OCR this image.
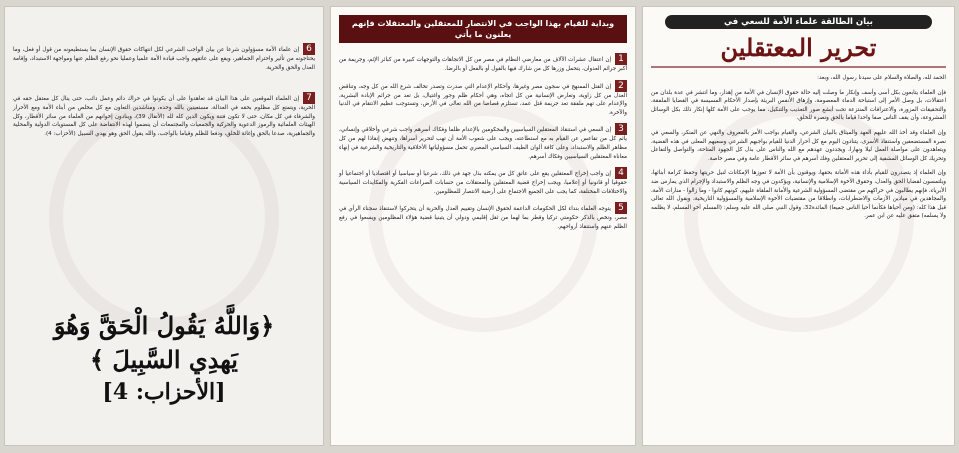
6إن علماء الأمة مسؤولون شرعا عن بيان الواجب الشرعي لكل انتهاكات حقوق الإنسان بما يستطيعونه من قول أو فعل، وما يحتاجونه من تأثير واحترام الجماهير، ويقع على عاتقهم واجب قيادة الأمة علميا وعمليا نحو رفع الظلم عنها ومواجهة الاستبداد، وإقامة العدل والحق والحرية.
7إن العلماء الموقعين على هذا البيان قد تعاهدوا على أن يكونوا في حراك دائم وعمل دائب، حتى ينال كل معتقل حقه في الحرية، ويتمتع كل مظلوم بحقه في العدالة، مستعينين بالله وحده، ومناشدين التعاون مع كل مخلص من أبناء الأمة ومع الأحرار والشرفاء في كل مكان، حتى لا تكون فتنة ويكون الدين كله لله (الأنفال 39)، وينادون إخوانهم من العلماء من سائر الأقطار، وكل الهيئات العلمائية والرموز الدعوية والحركية والجمعيات والمجتمعات أن ينضموا لهذه الانتفاضة على كل المستويات الدولية والمحلية والجماهيرية، صدعا بالحق وإغاثة للخلق، ودفعا للظلم وقياما بالواجب، والله يقول الحق وهو يهدي السبيل (الأحزاب: 4).
﴿وَاللَّهُ يَقُولُ الْحَقَّ وَهُوَ
يَهدِي السَّبِيلَ ﴾
[الأحزاب: 4]
وبداية للقيام بهذا الواجب في الانتصار للمعتقلين والمعتقلات فإنهم يعلنون ما يأتي
1إن اعتقال عشرات الآلاف من معارضي النظام في مصر من كل الاتجاهات والتوجهات كبيرة من كبائر الإثم، وجريمة من أكبر جرائم العدوان، يتحمل وزرها كل من شارك فيها بالقول أو بالفعل أو بالرضا.
2إن القتل الممنهج في سجون مصر وغيرها، وأحكام الإعدام التي صدرت وتصدر تخالف شرع الله من كل وجه، وتناقض العدل من كل زاوية، وتعارض الإنسانية من كل اتجاه، وهي أحكام ظلم وجور واغتيال، بل تعد من جرائم الإبادة البشرية، والإعدام على تهم ملفقة تعد جريمة قتل عمد، تستلزم قصاصا من الله تعالى في الأرض، وتستوجب عظيم الانتقام في الدنيا والآخرة.
3إن السعي في استنقاذ المعتقلين السياسيين والمحكومين بالإعدام ظلما وفكاك أسرهم واجب شرعي وأخلاقي وإنساني، يأثم كل من تقاعس عن القيام به مع استطاعته، ويجب على شعوب الأمة أن تهب لتحرير أسراها، وتنهض إنقاذا لهم من كل مظاهر الظلم والاستبداد، وعلى كافة ألوان الطيف السياسي المصري تحمل مسؤولياتها الأخلاقية والتاريخية والشرعية في إنهاء معاناة المعتقلين السياسيين وفكاك أسرهم.
4إن واجب إخراج المعتقلين يقع على عاتق كل من يمكنه بذل جهد في ذلك، شرعيا أو سياسيا أو اقتصاديا أو اجتماعيا أو حقوقيا أو قانونيا أو إعلاميا، ويجب إخراج قضية المعتقلين والمعتقلات من حسابات الصراعات الفكرية والمكايدات السياسية والاختلافات المختلفة، كما يجب على الجميع الاجتماع على أرضية الانتصار للمظلومين.
5يتوجه العلماء بنداء لكل الحكومات الداعمة لحقوق الإنسان وتقييم العدل والحرية أن يتحركوا لاستنقاذ سجناء الرأي في مصر، ونخص بالذكر حكومتي تركيا وقطر بما لهما من ثقل إقليمي ودولي أن يتبنيا قضية هؤلاء المظلومين ويسعوا في رفع الظلم عنهم واستنقاذ أرواحهم.
بيان الطالقة علماء الأمة للسعي في
تحرير المعتقلين
الحمد لله، والصلاة والسلام على سيدنا رسول الله، وبعد:
فإن العلماء يتابعون بكل أسى وأسف وإنكار ما وصلت إليه حالة حقوق الإنسان في الأمة من إهدار، وما انتشر في عدة بلدان من اعتقالات، بل وصل الأمر إلى استباحة الدماء المعصومة، وإزهاق الأنفس البريئة بإصدار الأحكام المسيسة في القضايا الملفقة، والتحقيقات المزورة، والاعترافات المنتزعة تحت أبشع صور التعذيب والتنكيل، مما يوجب على الأمة كلها إنكار ذلك بكل الوسائل المشروعة، وأن يقف الناس صفا واحدا قياما بالحق ونصرة للخلق.
وإن العلماء وقد أخذ الله عليهم العهد والميثاق بالبيان الشرعي، والقيام بواجب الأمر بالمعروف والنهي عن المنكر، والسعي في نصرة المستضعفين واستنقاذ الأسرى، يتنادون اليوم مع كل أحرار الدنيا للقيام بواجبهم الشرعي وسعيهم المعلى في هذه القضية، ويتعاهدون على مواصلة العمل ليلا ونهارا، ويجددون عهدهم مع الله والناس على بذل كل الجهود المتاحة، والتواصل والتفاعل وتحريك كل الوسائل المشفية إلى تحرير المعتقلين وفك أسرهم في سائر الأقطار عامة وفي مصر خاصة.
وإن العلماء إذ يتصدرون للقيام بأداء هذه الأمانة بحقها، ويوقنون بأن الأمة لا تعوزها الإمكانات لنيل حريتها وحفظ كرامة أبنائها، ويلتمسون لقضايا الحق والعدل، وحقوق الأخوة الإسلامية والإنسانية، ويؤكدون في وجه الظلم والاستبداد والإجرام الذي يمارس ضد الأبرياء، فإنهم يطالبون في حراكهم من مقتضى المسؤولية الشرعية والأمانة الملقاة عليهم، كونهم كانوا - وما زالوا - منارات الأمة، والمجاهدين في ميادين الأزمات والاضطرابات، وانطلاقا من مقتضيات الأخوة الإسلامية والمسؤولية التاريخية، وبقول الله تعالى قبل هذا كله: (ومن أحياها فكأنما أحيا الناس جميعا) المائدة32، وقول النبي صلى الله عليه وسلم: (المسلم أخو المسلم، لا يظلمه ولا يسلمه) متفق عليه عن ابن عمر.
